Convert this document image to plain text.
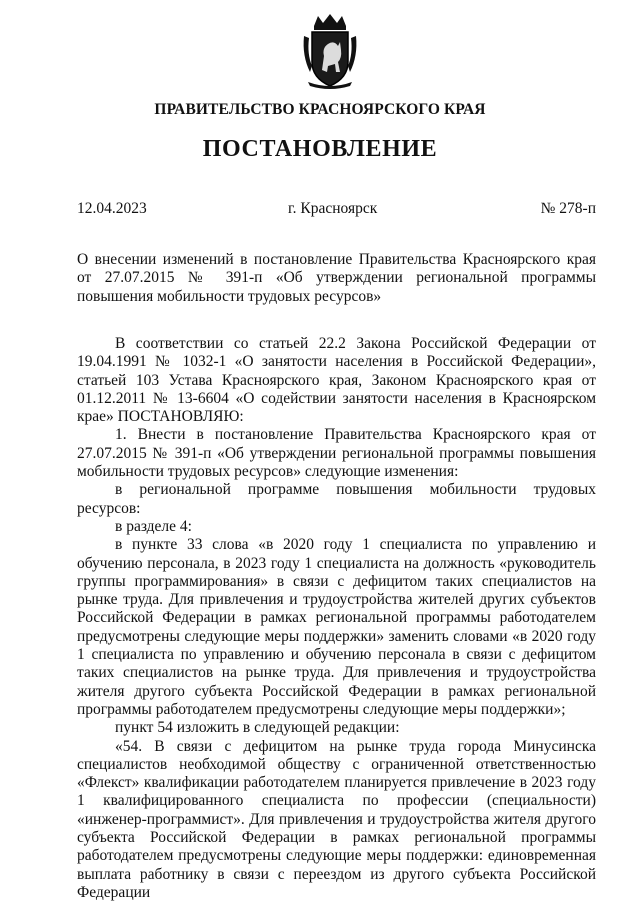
ПРАВИТЕЛЬСТВО КРАСНОЯРСКОГО КРАЯ
ПОСТАНОВЛЕНИЕ
12.04.2023	г. Красноярск	№ 278-п
О внесении изменений в постановление Правительства Красноярского края от 27.07.2015 № 391-п «Об утверждении региональной программы повышения мобильности трудовых ресурсов»

В соответствии со статьей 22.2 Закона Российской Федерации от 19.04.1991 № 1032-1 «О занятости населения в Российской Федерации», статьей 103 Устава Красноярского края, Законом Красноярского края от 01.12.2011 № 13-6604 «О содействии занятости населения в Красноярском крае» ПОСТАНОВЛЯЮ:

1. Внести в постановление Правительства Красноярского края от 27.07.2015 № 391-п «Об утверждении региональной программы повышения мобильности трудовых ресурсов» следующие изменения:

в региональной программе повышения мобильности трудовых ресурсов:

в разделе 4:

в пункте 33 слова «в 2020 году 1 специалиста по управлению и обучению персонала, в 2023 году 1 специалиста на должность «руководитель группы программирования» в связи с дефицитом таких специалистов на рынке труда. Для привлечения и трудоустройства жителей других субъектов Российской Федерации в рамках региональной программы работодателем предусмотрены следующие меры поддержки» заменить словами «в 2020 году 1 специалиста по управлению и обучению персонала в связи с дефицитом таких специалистов на рынке труда. Для привлечения и трудоустройства жителя другого субъекта Российской Федерации в рамках региональной программы работодателем предусмотрены следующие меры поддержки»;

пункт 54 изложить в следующей редакции:

«54. В связи с дефицитом на рынке труда города Минусинска специалистов необходимой обществу с ограниченной ответственностью «Флекст» квалификации работодателем планируется привлечение в 2023 году 1 квалифицированного специалиста по профессии (специальности) «инженер-программист». Для привлечения и трудоустройства жителя другого субъекта Российской Федерации в рамках региональной программы работодателем предусмотрены следующие меры поддержки: единовременная выплата работнику в связи с переездом из другого субъекта Российской Федерации
